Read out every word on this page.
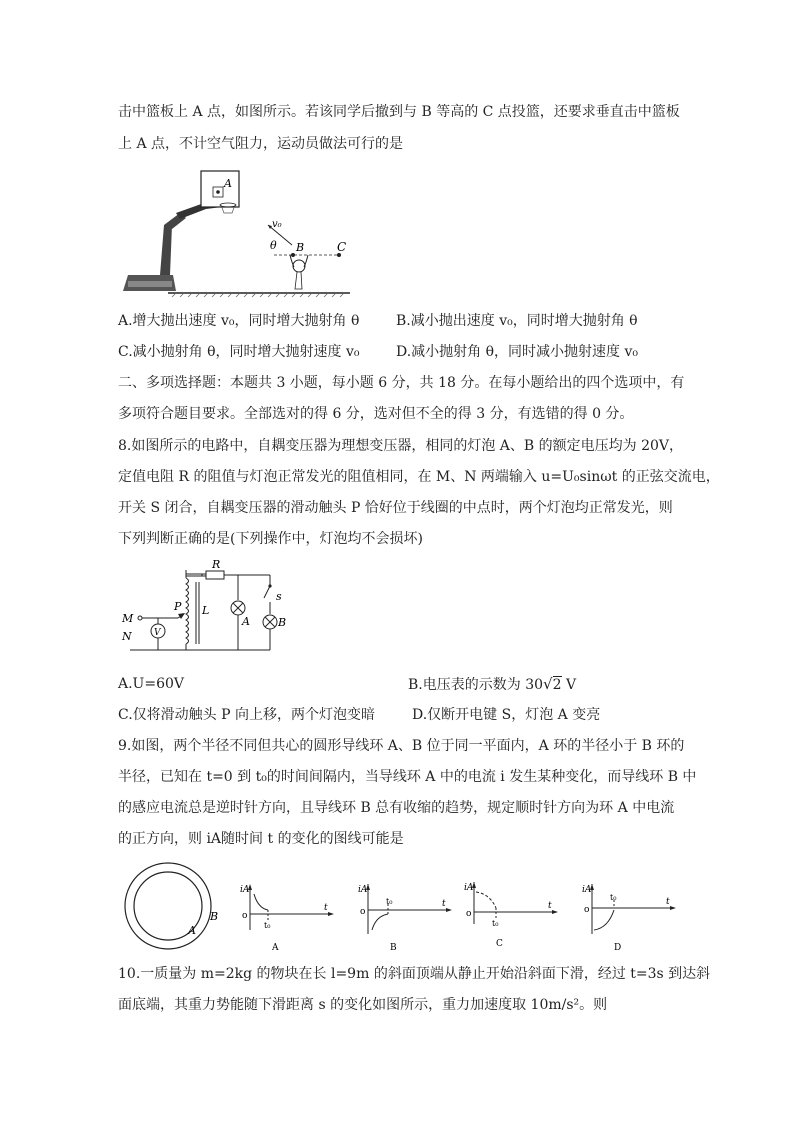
击中篮板上 A 点，如图所示。若该同学后撤到与 B 等高的 C 点投篮，还要求垂直击中篮板
上 A 点，不计空气阻力，运动员做法可行的是
A
v₀
θ B	C
A.增大抛出速度 v₀，同时增大抛射角 θ	B.减小抛出速度 v₀，同时增大抛射角 θ
C.减小抛射角 θ，同时增大抛射速度 v₀	D.减小抛射角 θ，同时减小抛射速度 v₀
二、多项选择题：本题共 3 小题，每小题 6 分，共 18 分。在每小题给出的四个选项中，有
多项符合题目要求。全部选对的得 6 分，选对但不全的得 3 分，有选错的得 0 分。
8.如图所示的电路中，自耦变压器为理想变压器，相同的灯泡 A、B 的额定电压均为 20V，
定值电阻 R 的阻值与灯泡正常发光的阻值相同，在 M、N 两端输入 u=U₀sinωt 的正弦交流电，
开关 S 闭合，自耦变压器的滑动触头 P 恰好位于线圈的中点时，两个灯泡均正常发光，则
下列判断正确的是(下列操作中，灯泡均不会损坏)
R
L
A	B
s
M
N
P
V
A.U=60V	B.电压表的示数为 30√2 V
C.仅将滑动触头 P 向上移，两个灯泡变暗	D.仅断开电键 S，灯泡 A 变亮
9.如图，两个半径不同但共心的圆形导线环 A、B 位于同一平面内，A 环的半径小于 B 环的
半径，已知在 t=0 到 t₀的时间间隔内，当导线环 A 中的电流 i 发生某种变化，而导线环 B 中
的感应电流总是逆时针方向，且导线环 B 总有收缩的趋势，规定顺时针方向为环 A 中电流
的正方向，则 iA随时间 t 的变化的图线可能是
A
B
iA
t
o
t₀
A
iA
t
o
t₀
B
iA
t
o
t₀
C
iA
t
o
t₀
D
10.一质量为 m=2kg 的物块在长 l=9m 的斜面顶端从静止开始沿斜面下滑，经过 t=3s 到达斜
面底端，其重力势能随下滑距离 s 的变化如图所示，重力加速度取 10m/s²。则
